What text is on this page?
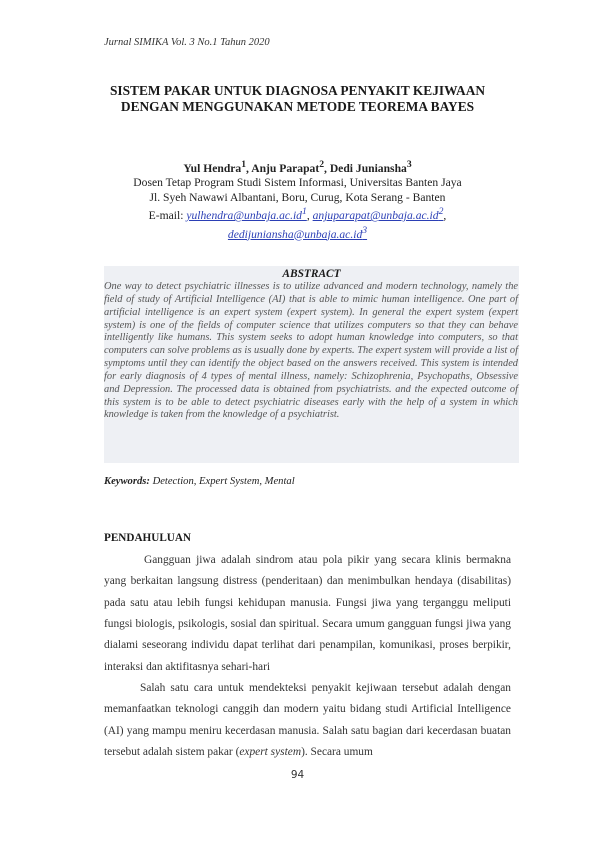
Jurnal SIMIKA Vol. 3 No.1 Tahun 2020
SISTEM PAKAR UNTUK DIAGNOSA PENYAKIT KEJIWAAN
DENGAN MENGGUNAKAN METODE TEOREMA BAYES
Yul Hendra$^1$, Anju Parapat$^2$, Dedi Juniansha$^3$
Dosen Tetap Program Studi Sistem Informasi, Universitas Banten Jaya
Jl. Syeh Nawawi Albantani, Boru, Curug, Kota Serang - Banten
E-mail: $yulhendra@unbaja.ac.id^1$, $anjuparapat@unbaja.ac.id^2$,
$dedijuniansha@unbaja.ac.id^3$
ABSTRACT
One way to detect psychiatric illnesses is to utilize advanced and modern technology, namely the field of study of Artificial Intelligence (AI) that is able to mimic human intelligence. One part of artificial intelligence is an expert system (expert system). In general the expert system (expert system) is one of the fields of computer science that utilizes computers so that they can behave intelligently like humans. This system seeks to adopt human knowledge into computers, so that computers can solve problems as is usually done by experts. The expert system will provide a list of symptoms until they can identify the object based on the answers received. This system is intended for early diagnosis of 4 types of mental illness, namely: Schizophrenia, Psychopaths, Obsessive and Depression. The processed data is obtained from psychiatrists. and the expected outcome of this system is to be able to detect psychiatric diseases early with the help of a system in which knowledge is taken from the knowledge of a psychiatrist.
Keywords: Detection, Expert System, Mental
PENDAHULUAN

Gangguan jiwa adalah sindrom atau pola pikir yang secara klinis bermakna yang berkaitan langsung distress (penderitaan) dan menimbulkan hendaya (disabilitas) pada satu atau lebih fungsi kehidupan manusia. Fungsi jiwa yang terganggu meliputi fungsi biologis, psikologis, sosial dan spiritual. Secara umum gangguan fungsi jiwa yang dialami seseorang individu dapat terlihat dari penampilan, komunikasi, proses berpikir, interaksi dan aktifitasnya sehari-hari

Salah satu cara untuk mendekteksi penyakit kejiwaan tersebut adalah dengan memanfaatkan teknologi canggih dan modern yaitu bidang studi Artificial Intelligence (AI) yang mampu meniru kecerdasan manusia. Salah satu bagian dari kecerdasan buatan tersebut adalah sistem pakar (expert system). Secara umum

94
